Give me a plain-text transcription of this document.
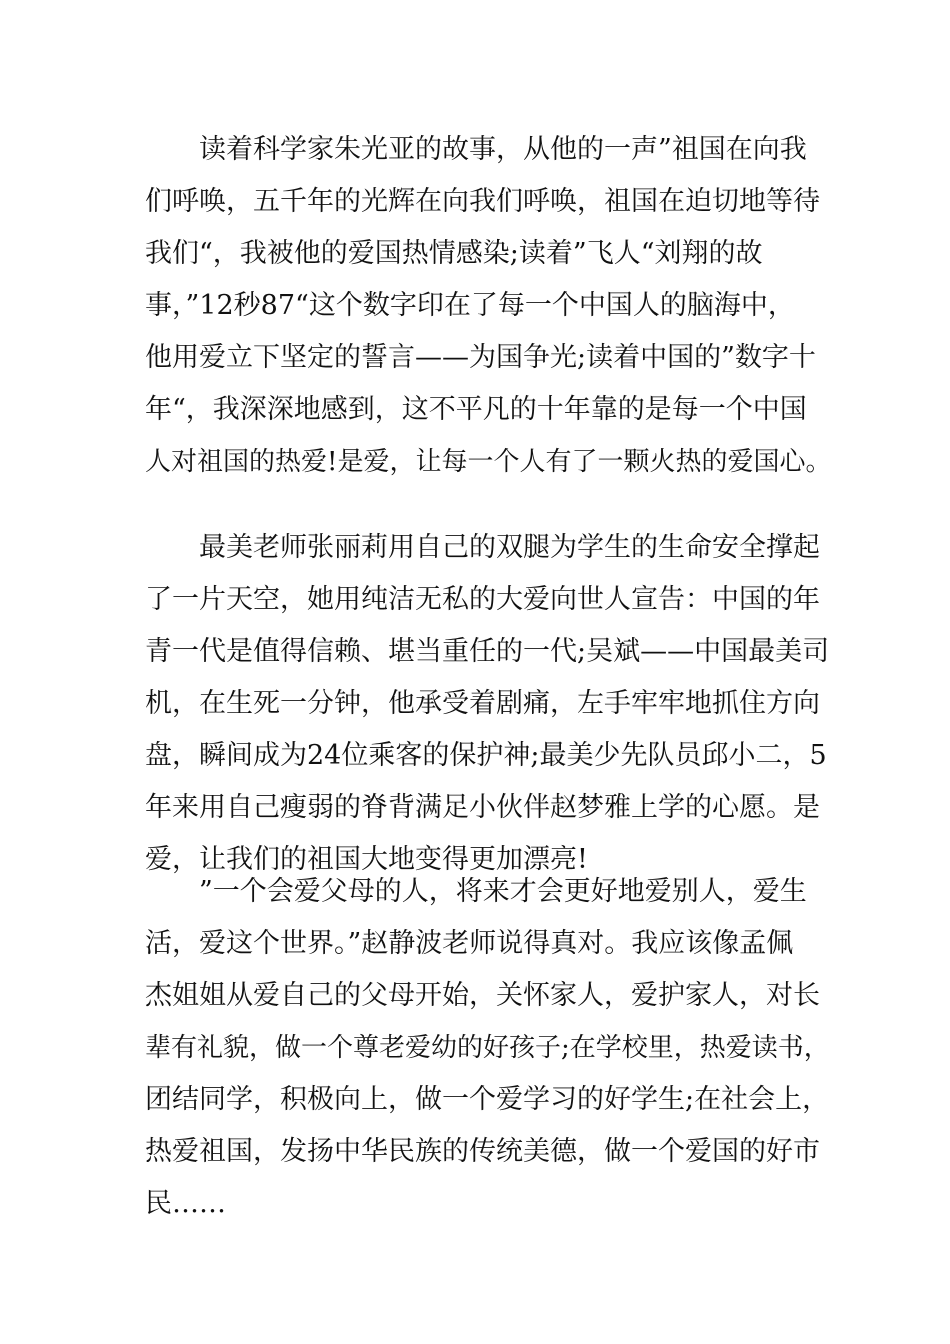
读着科学家朱光亚的故事，从他的一声”祖国在向我
们呼唤，五千年的光辉在向我们呼唤，祖国在迫切地等待
我们“，我被他的爱国热情感染;读着”飞人“刘翔的故
事，”12秒87“这个数字印在了每一个中国人的脑海中，
他用爱立下坚定的誓言——为国争光;读着中国的”数字十
年“，我深深地感到，这不平凡的十年靠的是每一个中国
人对祖国的热爱!是爱，让每一个人有了一颗火热的爱国心。
最美老师张丽莉用自己的双腿为学生的生命安全撑起
了一片天空，她用纯洁无私的大爱向世人宣告：中国的年
青一代是值得信赖、堪当重任的一代;吴斌——中国最美司
机，在生死一分钟，他承受着剧痛，左手牢牢地抓住方向
盘，瞬间成为24位乘客的保护神;最美少先队员邱小二，5
年来用自己瘦弱的脊背满足小伙伴赵梦雅上学的心愿。是
爱，让我们的祖国大地变得更加漂亮!
”一个会爱父母的人，将来才会更好地爱别人，爱生
活，爱这个世界。”赵静波老师说得真对。我应该像孟佩
杰姐姐从爱自己的父母开始，关怀家人，爱护家人，对长
辈有礼貌，做一个尊老爱幼的好孩子;在学校里，热爱读书，
团结同学，积极向上，做一个爱学习的好学生;在社会上，
热爱祖国，发扬中华民族的传统美德，做一个爱国的好市
民……
